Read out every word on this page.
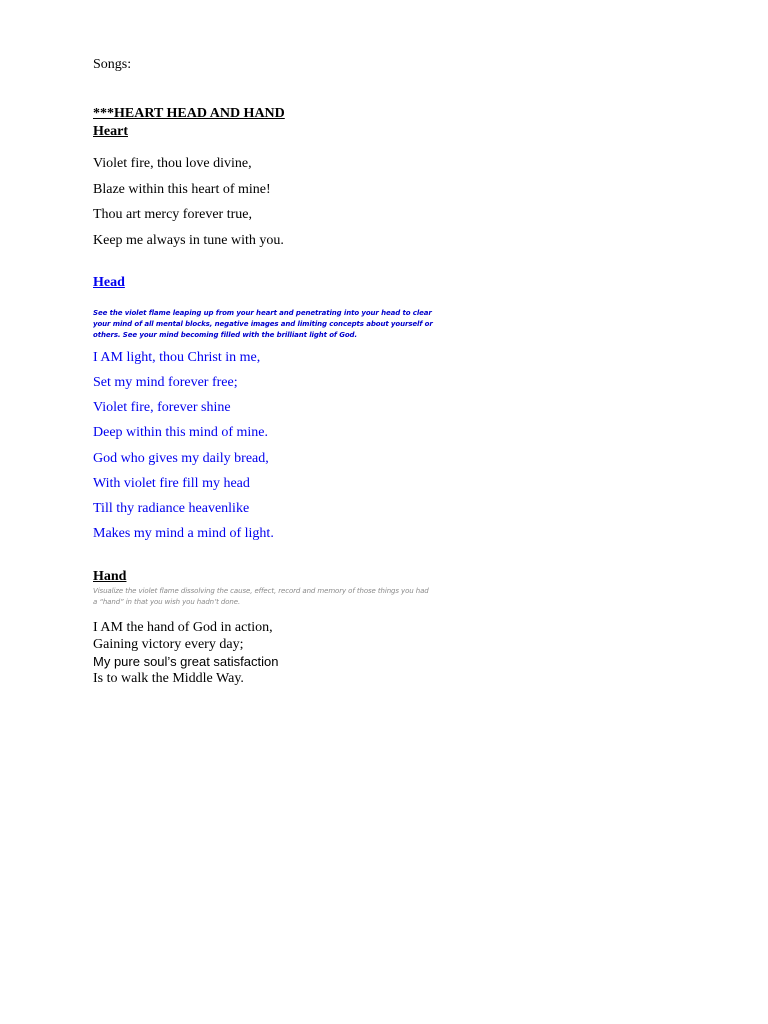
Songs:
***HEART HEAD AND HAND
Heart
Violet fire, thou love divine,
Blaze within this heart of mine!
Thou art mercy forever true,
Keep me always in tune with you.
Head
See the violet flame leaping up from your heart and penetrating into your head to clear your mind of all mental blocks, negative images and limiting concepts about yourself or others. See your mind becoming filled with the brilliant light of God.
I AM light, thou Christ in me,
Set my mind forever free;
Violet fire, forever shine
Deep within this mind of mine.
God who gives my daily bread,
With violet fire fill my head
Till thy radiance heavenlike
Makes my mind a mind of light.
Hand
Visualize the violet flame dissolving the cause, effect, record and memory of those things you had a “hand” in that you wish you hadn’t done.
I AM the hand of God in action,
Gaining victory every day;
My pure soul’s great satisfaction
Is to walk the Middle Way.
